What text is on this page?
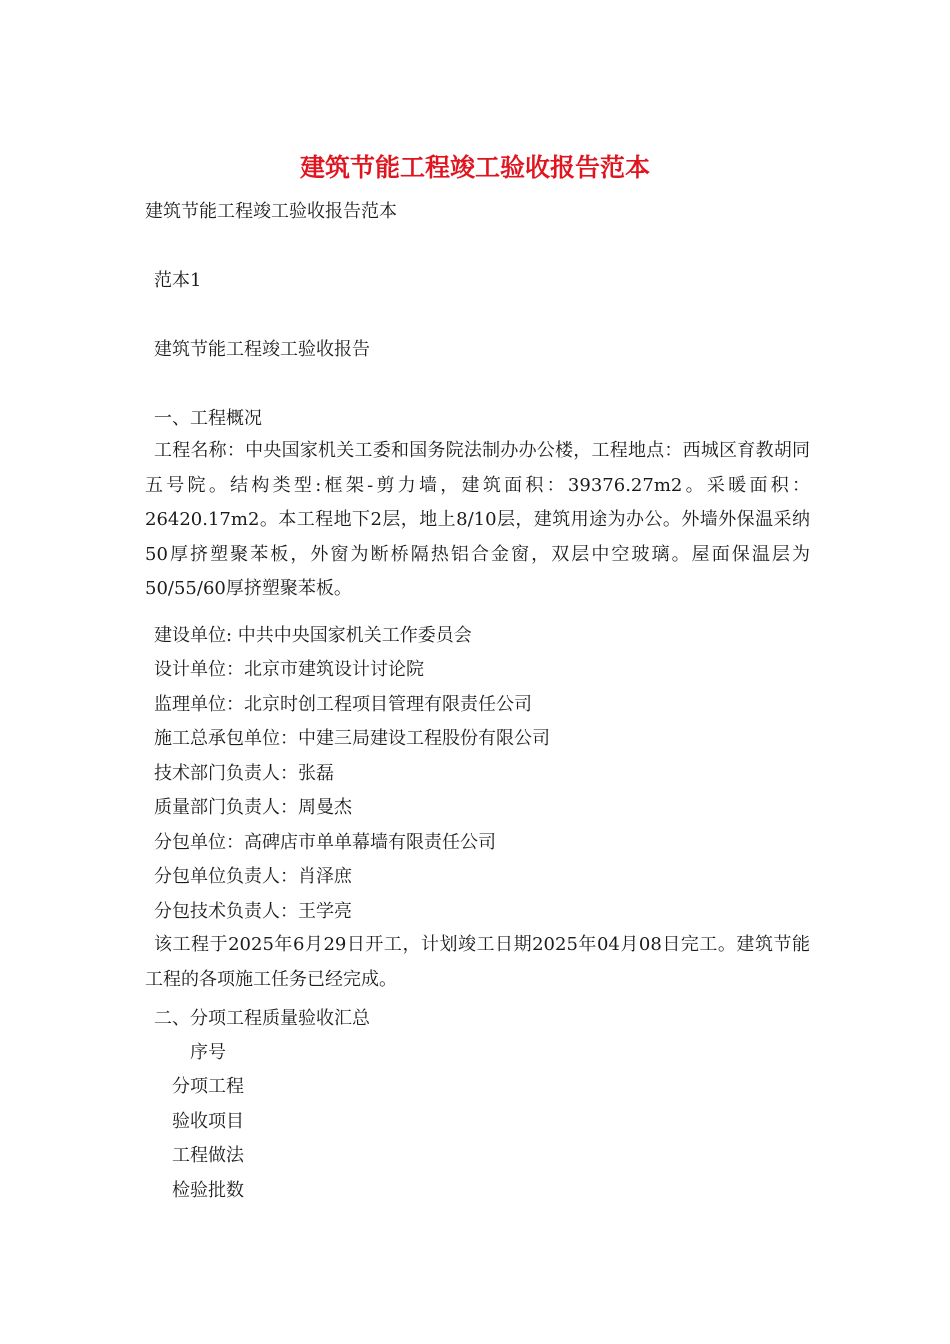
建筑节能工程竣工验收报告范本

建筑节能工程竣工验收报告范本

范本1

建筑节能工程竣工验收报告

一、工程概况

工程名称：中央国家机关工委和国务院法制办办公楼，工程地点：西城区育教胡同五号院。结构类型:框架-剪力墙，建筑面积：39376.27m2。采暖面积：26420.17m2。本工程地下2层，地上8/10层，建筑用途为办公。外墙外保温采纳50厚挤塑聚苯板，外窗为断桥隔热铝合金窗，双层中空玻璃。屋面保温层为50/55/60厚挤塑聚苯板。

建设单位: 中共中央国家机关工作委员会

设计单位：北京市建筑设计讨论院

监理单位：北京时创工程项目管理有限责任公司

施工总承包单位：中建三局建设工程股份有限公司

技术部门负责人：张磊

质量部门负责人：周曼杰

分包单位：高碑店市单单幕墙有限责任公司

分包单位负责人：肖泽庶

分包技术负责人：王学亮

该工程于2025年6月29日开工，计划竣工日期2025年04月08日完工。建筑节能工程的各项施工任务已经完成。

二、分项工程质量验收汇总

序号

分项工程

验收项目

工程做法

检验批数
